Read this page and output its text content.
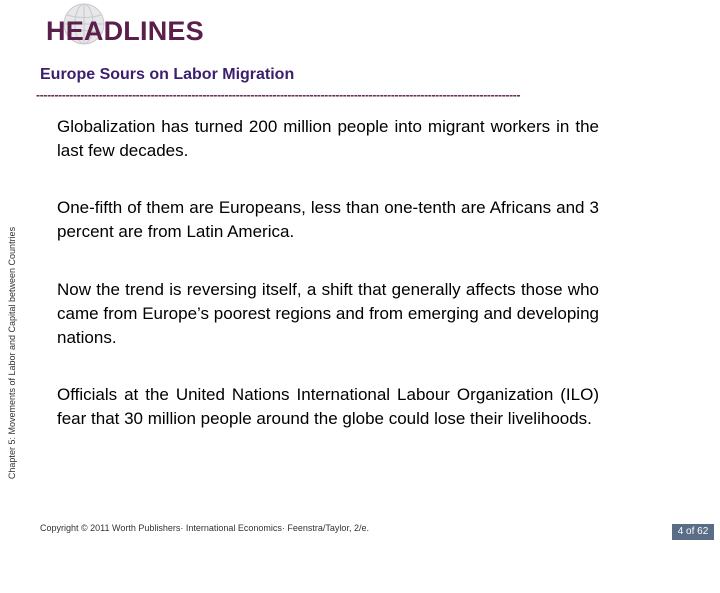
HEADLINES
Europe Sours on Labor Migration
-----------------------------------------------------------------------------------------------------------------------------------
Chapter 5: Movements of Labor and Capital between Countries
Globalization has turned 200 million people into migrant workers in the last few decades.
One-fifth of them are Europeans, less than one-tenth are Africans and 3 percent are from Latin America.
Now the trend is reversing itself, a shift that generally affects those who came from Europe’s poorest regions and from emerging and developing nations.
Officials at the United Nations International Labour Organization (ILO) fear that 30 million people around the globe could lose their livelihoods.
Copyright © 2011 Worth Publishers· International Economics· Feenstra/Taylor, 2/e.	4 of 62
